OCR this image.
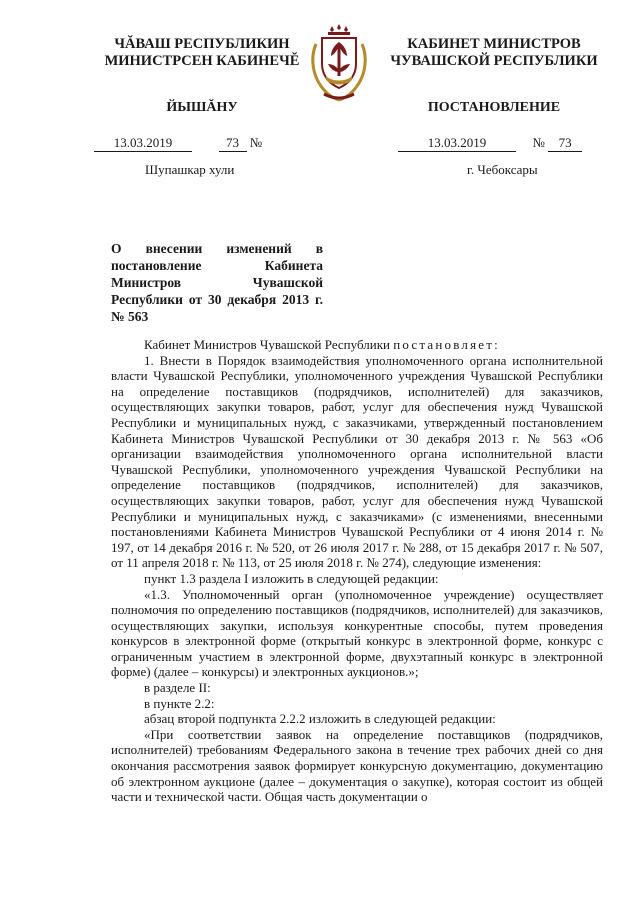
ЧĂВАШ РЕСПУБЛИКИН
МИНИСТРСЕН КАБИНЕЧĔ
ЙЫШĂНУ
КАБИНЕТ МИНИСТРОВ
ЧУВАШСКОЙ РЕСПУБЛИКИ
ПОСТАНОВЛЕНИЕ
13.03.2019	73 №	13.03.2019	№ 73
Шупашкар хули	г. Чебоксары
О внесении изменений в постановление Кабинета Министров Чувашской Республики от 30 декабря 2013 г. № 563

Кабинет Министров Чувашской Республики постановляет:

1. Внести в Порядок взаимодействия уполномоченного органа исполнительной власти Чувашской Республики, уполномоченного учреждения Чувашской Республики на определение поставщиков (подрядчиков, исполнителей) для заказчиков, осуществляющих закупки товаров, работ, услуг для обеспечения нужд Чувашской Республики и муниципальных нужд, с заказчиками, утвержденный постановлением Кабинета Министров Чувашской Республики от 30 декабря 2013 г. № 563 «Об организации взаимодействия уполномоченного органа исполнительной власти Чувашской Республики, уполномоченного учреждения Чувашской Республики на определение поставщиков (подрядчиков, исполнителей) для заказчиков, осуществляющих закупки товаров, работ, услуг для обеспечения нужд Чувашской Республики и муниципальных нужд, с заказчиками» (с изменениями, внесенными постановлениями Кабинета Министров Чувашской Республики от 4 июня 2014 г. № 197, от 14 декабря 2016 г. № 520, от 26 июля 2017 г. № 288, от 15 декабря 2017 г. № 507, от 11 апреля 2018 г. № 113, от 25 июля 2018 г. № 274), следующие изменения:

пункт 1.3 раздела I изложить в следующей редакции:

«1.3. Уполномоченный орган (уполномоченное учреждение) осуществляет полномочия по определению поставщиков (подрядчиков, исполнителей) для заказчиков, осуществляющих закупки, используя конкурентные способы, путем проведения конкурсов в электронной форме (открытый конкурс в электронной форме, конкурс с ограниченным участием в электронной форме, двухэтапный конкурс в электронной форме) (далее – конкурсы) и электронных аукционов.»;

в разделе II:

в пункте 2.2:

абзац второй подпункта 2.2.2 изложить в следующей редакции:

«При соответствии заявок на определение поставщиков (подрядчиков, исполнителей) требованиям Федерального закона в течение трех рабочих дней со дня окончания рассмотрения заявок формирует конкурсную документацию, документацию об электронном аукционе (далее – документация о закупке), которая состоит из общей части и технической части. Общая часть документации о
